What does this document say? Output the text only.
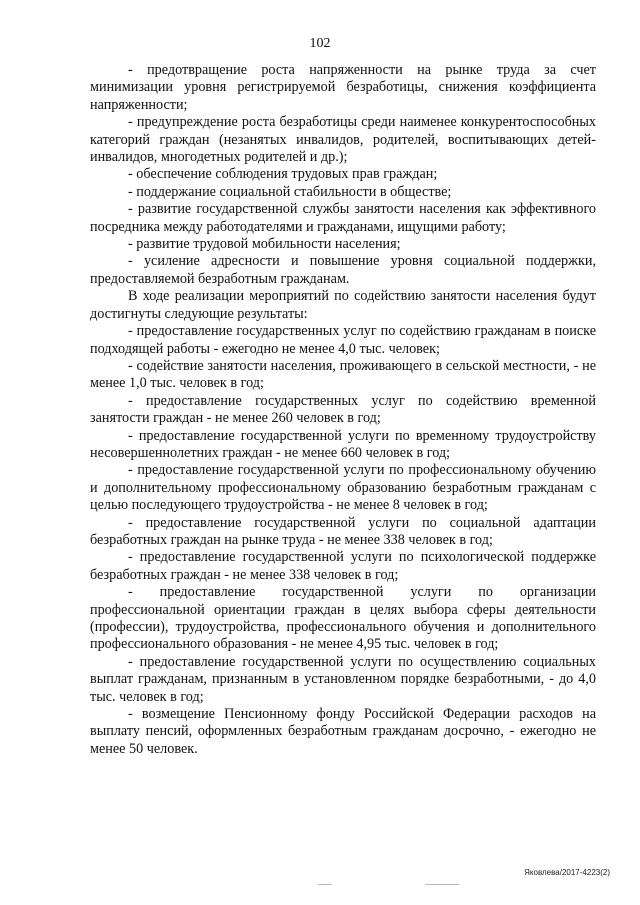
102

- предотвращение роста напряженности на рынке труда за счет минимизации уровня регистрируемой безработицы, снижения коэффициента напряженности;

- предупреждение роста безработицы среди наименее конкурентоспособных категорий граждан (незанятых инвалидов, родителей, воспитывающих детей-инвалидов, многодетных родителей и др.);

- обеспечение соблюдения трудовых прав граждан;

- поддержание социальной стабильности в обществе;

- развитие государственной службы занятости населения как эффективного посредника между работодателями и гражданами, ищущими работу;

- развитие трудовой мобильности населения;

- усиление адресности и повышение уровня социальной поддержки, предоставляемой безработным гражданам.

В ходе реализации мероприятий по содействию занятости населения будут достигнуты следующие результаты:

- предоставление государственных услуг по содействию гражданам в поиске подходящей работы - ежегодно не менее 4,0 тыс. человек;

- содействие занятости населения, проживающего в сельской местности, - не менее 1,0 тыс. человек в год;

- предоставление государственных услуг по содействию временной занятости граждан - не менее 260 человек в год;

- предоставление государственной услуги по временному трудоустройству несовершеннолетних граждан - не менее 660 человек в год;

- предоставление государственной услуги по профессиональному обучению и дополнительному профессиональному образованию безработным гражданам с целью последующего трудоустройства - не менее 8 человек в год;

- предоставление государственной услуги по социальной адаптации безработных граждан на рынке труда - не менее 338 человек в год;

- предоставление государственной услуги по психологической поддержке безработных граждан - не менее 338 человек в год;

- предоставление государственной услуги по организации профессиональной ориентации граждан в целях выбора сферы деятельности (профессии), трудоустройства, профессионального обучения и дополнительного профессионального образования - не менее 4,95 тыс. человек в год;

- предоставление государственной услуги по осуществлению социальных выплат гражданам, признанным в установленном порядке безработными, - до 4,0 тыс. человек в год;

- возмещение Пенсионному фонду Российской Федерации расходов на выплату пенсий, оформленных безработным гражданам досрочно, - ежегодно не менее 50 человек.

Яковлева/2017-4223(2)
